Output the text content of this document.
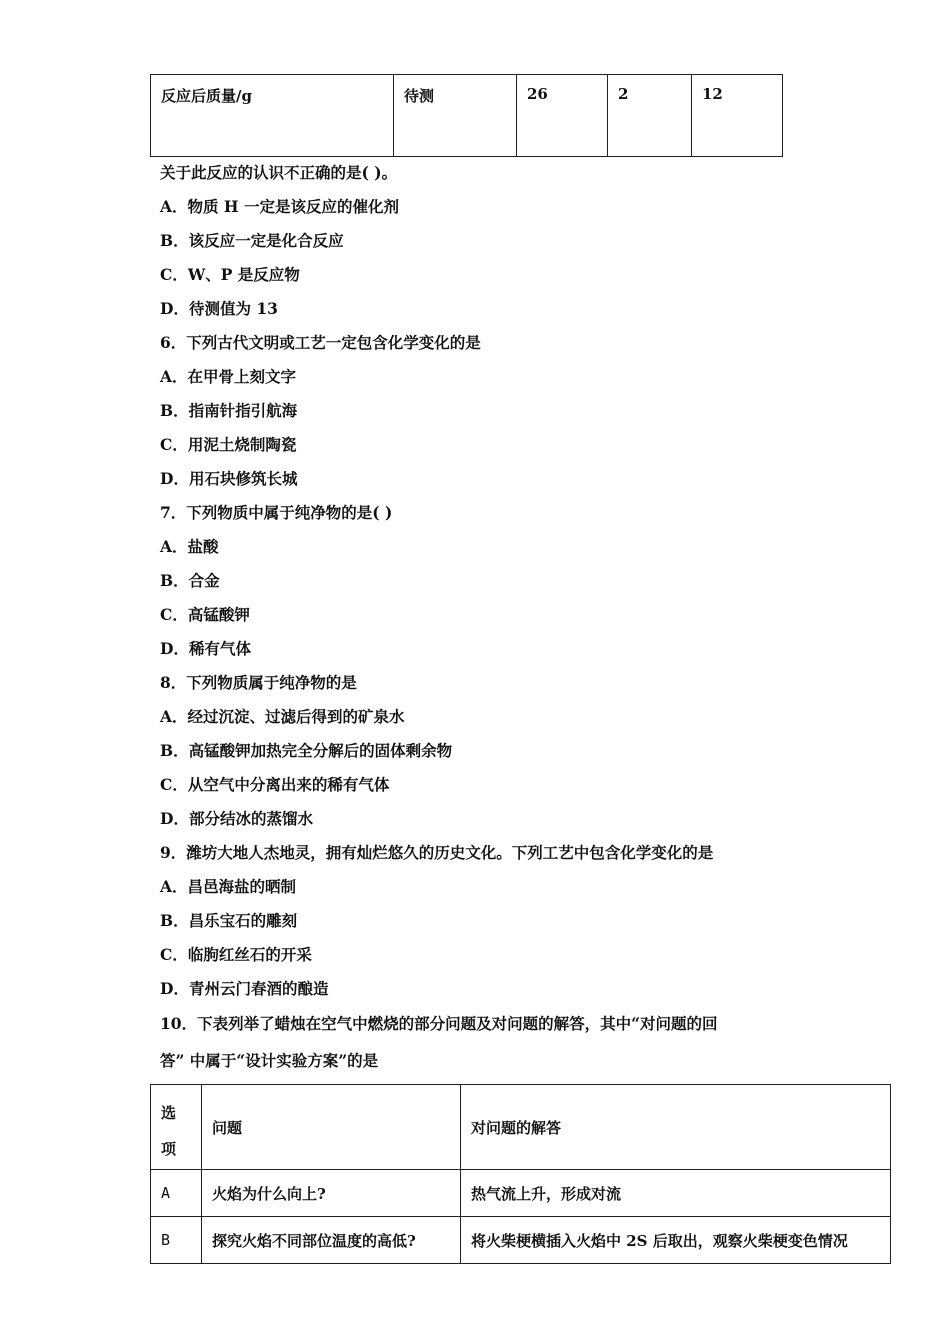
反应后质量/g	待测	26	2	12
关于此反应的认识不正确的是( )。
A．物质 H 一定是该反应的催化剂
B．该反应一定是化合反应
C．W、P 是反应物
D．待测值为 13
6．下列古代文明或工艺一定包含化学变化的是
A．在甲骨上刻文字
B．指南针指引航海
C．用泥土烧制陶瓷
D．用石块修筑长城
7．下列物质中属于纯净物的是( )
A．盐酸
B．合金
C．高锰酸钾
D．稀有气体
8．下列物质属于纯净物的是
A．经过沉淀、过滤后得到的矿泉水
B．高锰酸钾加热完全分解后的固体剩余物
C．从空气中分离出来的稀有气体
D．部分结冰的蒸馏水
9．潍坊大地人杰地灵，拥有灿烂悠久的历史文化。下列工艺中包含化学变化的是
A．昌邑海盐的晒制
B．昌乐宝石的雕刻
C．临朐红丝石的开采
D．青州云门春酒的酿造
10．下表列举了蜡烛在空气中燃烧的部分问题及对问题的解答，其中“对问题的回
答” 中属于“设计实验方案”的是
选
项	问题	对问题的解答
A	火焰为什么向上?	热气流上升，形成对流
B	探究火焰不同部位温度的高低?	将火柴梗横插入火焰中 2S 后取出，观察火柴梗变色情况
